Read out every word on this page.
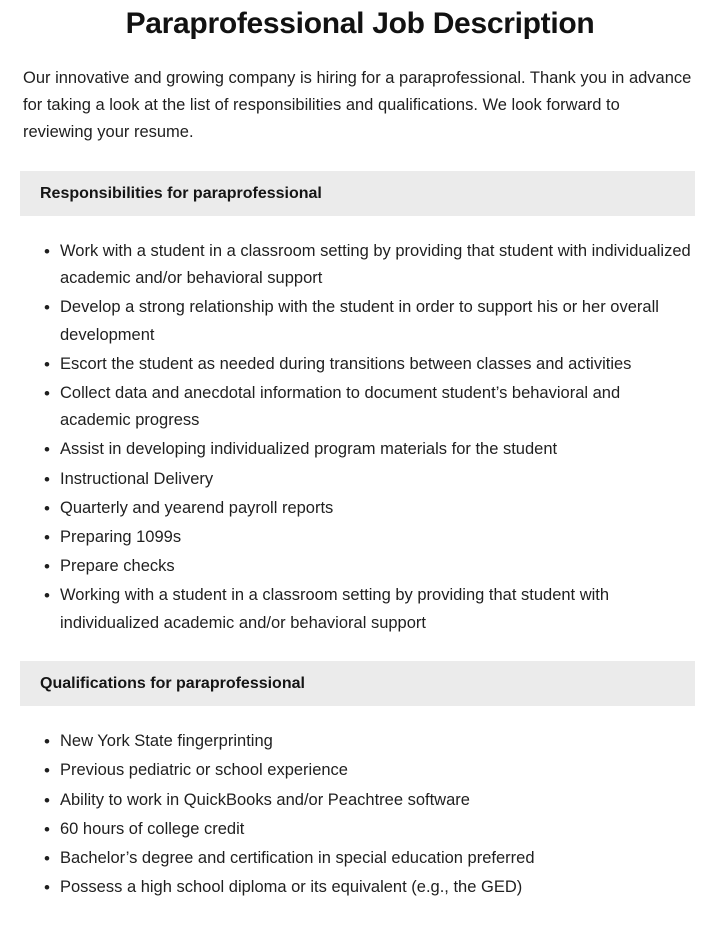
Paraprofessional Job Description

Our innovative and growing company is hiring for a paraprofessional. Thank you in advance for taking a look at the list of responsibilities and qualifications. We look forward to reviewing your resume.

Responsibilities for paraprofessional
• Work with a student in a classroom setting by providing that student with individualized academic and/or behavioral support
• Develop a strong relationship with the student in order to support his or her overall development
• Escort the student as needed during transitions between classes and activities
• Collect data and anecdotal information to document student’s behavioral and academic progress
• Assist in developing individualized program materials for the student
• Instructional Delivery
• Quarterly and yearend payroll reports
• Preparing 1099s
• Prepare checks
• Working with a student in a classroom setting by providing that student with individualized academic and/or behavioral support
Qualifications for paraprofessional
• New York State fingerprinting
• Previous pediatric or school experience
• Ability to work in QuickBooks and/or Peachtree software
• 60 hours of college credit
• Bachelor’s degree and certification in special education preferred
• Possess a high school diploma or its equivalent (e.g., the GED)
